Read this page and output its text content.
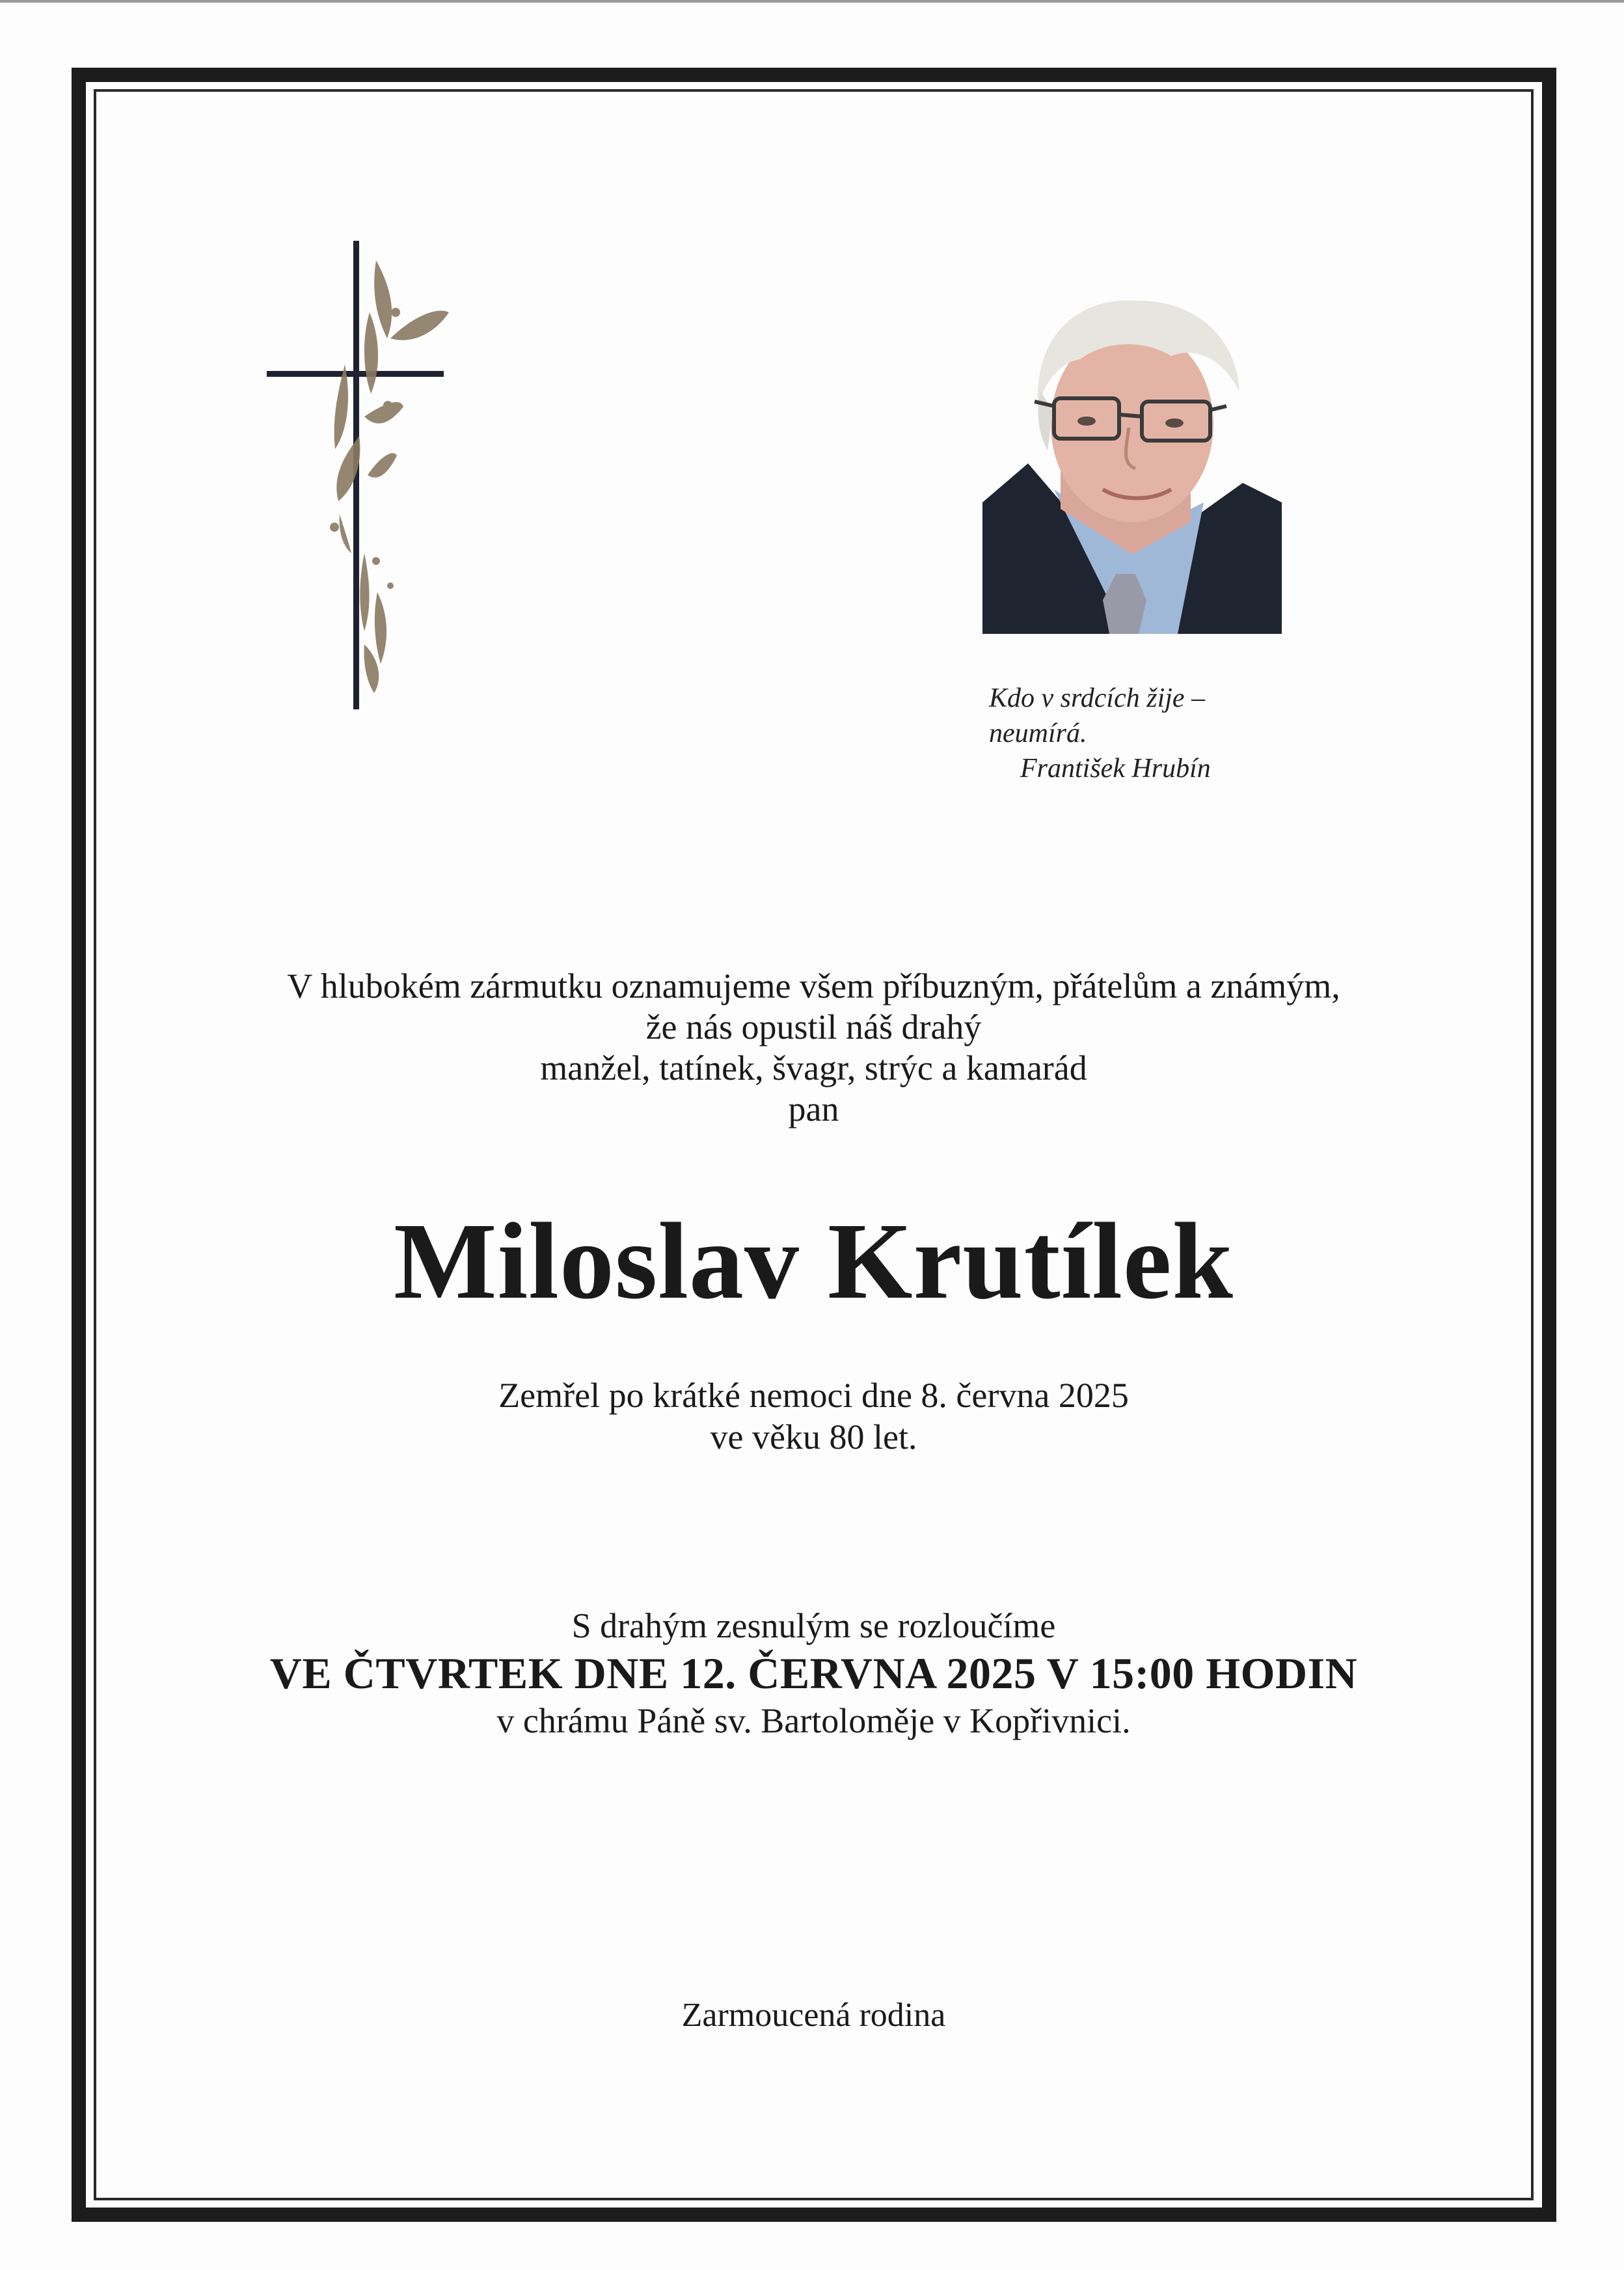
Kdo v srdcích žije –
neumírá.
František Hrubín
V hlubokém zármutku oznamujeme všem příbuzným, přátelům a známým,
že nás opustil náš drahý
manžel, tatínek, švagr, strýc a kamarád
pan
Miloslav Krutílek
Zemřel po krátké nemoci dne 8. června 2025
ve věku 80 let.
S drahým zesnulým se rozloučíme
VE ČTVRTEK DNE 12. ČERVNA 2025 V 15:00 HODIN
v chrámu Páně sv. Bartoloměje v Kopřivnici.
Zarmoucená rodina
